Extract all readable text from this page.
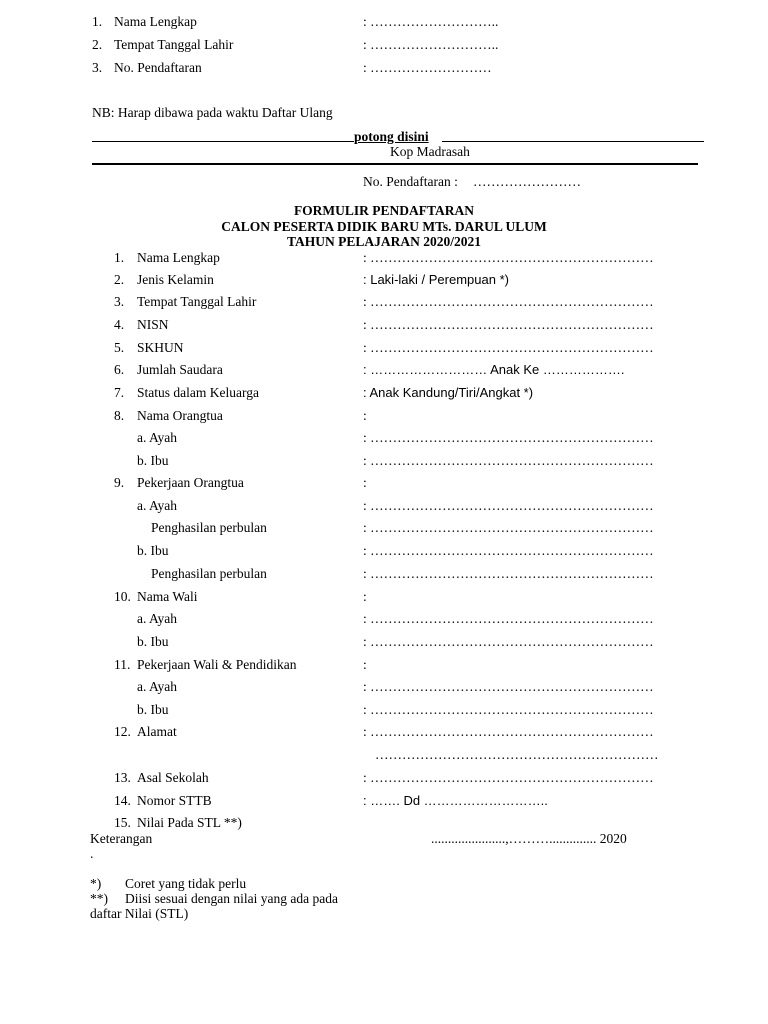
1. Nama Lengkap	: ………………………..
2. Tempat Tanggal Lahir	: ………………………..
3. No. Pendaftaran	: ………………………
NB: Harap dibawa pada waktu Daftar Ulang
potong disini
Kop Madrasah
No. Pendaftaran : ……………………
FORMULIR PENDAFTARAN
CALON PESERTA DIDIK BARU MTs. DARUL ULUM
TAHUN PELAJARAN 2020/2021
1. Nama Lengkap	: ………………………………………………………
2. Jenis Kelamin	: Laki-laki / Perempuan *)
3. Tempat Tanggal Lahir	: ………………………………………………………
4. NISN	: ………………………………………………………
5. SKHUN	: ………………………………………………………
6. Jumlah Saudara	: ……………………… Anak Ke ……………….
7. Status dalam Keluarga	: Anak Kandung/Tiri/Angkat *)
8. Nama Orangtua	:
a. Ayah	: ………………………………………………………
b. Ibu	: ………………………………………………………
9. Pekerjaan Orangtua	:
a. Ayah	: ………………………………………………………
Penghasilan perbulan	: ………………………………………………………
b. Ibu	: ………………………………………………………
Penghasilan perbulan	: ………………………………………………………
10. Nama Wali	:
a. Ayah	: ………………………………………………………
b. Ibu	: ………………………………………………………
11. Pekerjaan Wali & Pendidikan	:
a. Ayah	: ………………………………………………………
b. Ibu	: ………………………………………………………
12. Alamat	: ………………………………………………………
………………………………………………………
13. Asal Sekolah	: ………………………………………………………
14. Nomor STTB	: ……. Dd ………………………..
15. Nilai Pada STL **)
Keterangan
.
......................,……….............. 2020
*) Coret yang tidak perlu
**) Diisi sesuai dengan nilai yang ada pada
daftar Nilai (STL)
